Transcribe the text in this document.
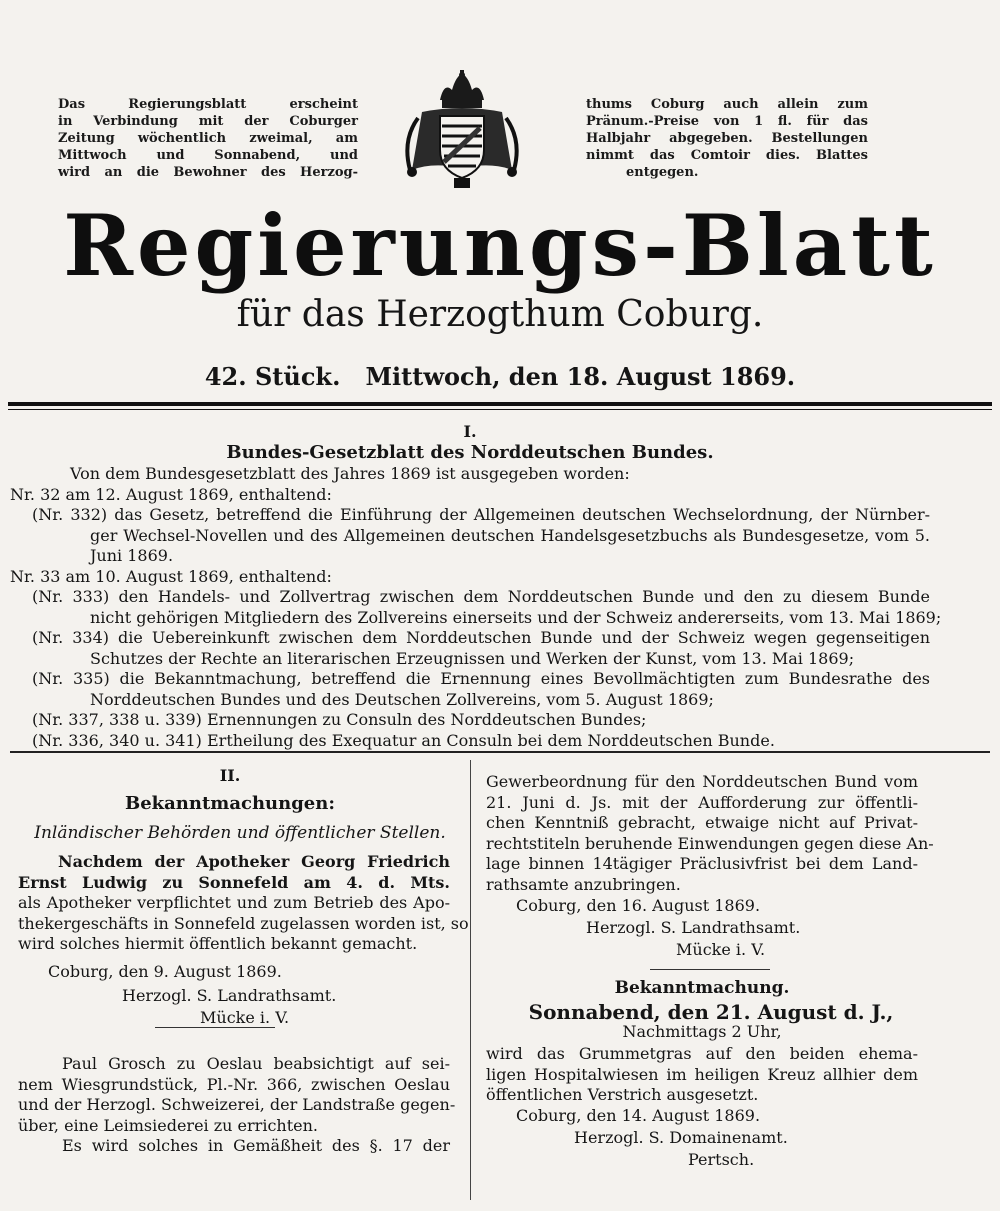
Das Regierungsblatt erscheint
in Verbindung mit der Coburger
Zeitung wöchentlich zweimal, am
Mittwoch und Sonnabend, und
wird an die Bewohner des Herzog-
thums Coburg auch allein zum
Pränum.-Preise von 1 fl. für das
Halbjahr abgegeben. Bestellungen
nimmt das Comtoir dies. Blattes
entgegen.
Regierungs-Blatt
für das Herzogthum Coburg.
42. Stück.   Mittwoch, den 18. August 1869.
I.
Bundes-Gesetzblatt des Norddeutschen Bundes.
Von dem Bundesgesetzblatt des Jahres 1869 ist ausgegeben worden:
Nr. 32 am 12. August 1869, enthaltend:
(Nr. 332) das Gesetz, betreffend die Einführung der Allgemeinen deutschen Wechselordnung, der Nürnber-
ger Wechsel-Novellen und des Allgemeinen deutschen Handelsgesetzbuchs als Bundesgesetze, vom 5.
Juni 1869.
Nr. 33 am 10. August 1869, enthaltend:
(Nr. 333) den Handels- und Zollvertrag zwischen dem Norddeutschen Bunde und den zu diesem Bunde
nicht gehörigen Mitgliedern des Zollvereins einerseits und der Schweiz andererseits, vom 13. Mai 1869;
(Nr. 334) die Uebereinkunft zwischen dem Norddeutschen Bunde und der Schweiz wegen gegenseitigen
Schutzes der Rechte an literarischen Erzeugnissen und Werken der Kunst, vom 13. Mai 1869;
(Nr. 335) die Bekanntmachung, betreffend die Ernennung eines Bevollmächtigten zum Bundesrathe des
Norddeutschen Bundes und des Deutschen Zollvereins, vom 5. August 1869;
(Nr. 337, 338 u. 339) Ernennungen zu Consuln des Norddeutschen Bundes;
(Nr. 336, 340 u. 341) Ertheilung des Exequatur an Consuln bei dem Norddeutschen Bunde.
II.
Bekanntmachungen:
Inländischer Behörden und öffentlicher Stellen.
Nachdem der Apotheker Georg Friedrich
Ernst Ludwig zu Sonnefeld am 4. d. Mts.
als Apotheker verpflichtet und zum Betrieb des Apo-
thekergeschäfts in Sonnefeld zugelassen worden ist, so
wird solches hiermit öffentlich bekannt gemacht.
Coburg, den 9. August 1869.
Herzogl. S. Landrathsamt.
Mücke i. V.
Paul Grosch zu Oeslau beabsichtigt auf sei-
nem Wiesgrundstück, Pl.-Nr. 366, zwischen Oeslau
und der Herzogl. Schweizerei, der Landstraße gegen-
über, eine Leimsiederei zu errichten.
Es wird solches in Gemäßheit des §. 17 der
Gewerbeordnung für den Norddeutschen Bund vom
21. Juni d. Js. mit der Aufforderung zur öffentli-
chen Kenntniß gebracht, etwaige nicht auf Privat-
rechtstiteln beruhende Einwendungen gegen diese An-
lage binnen 14tägiger Präclusivfrist bei dem Land-
rathsamte anzubringen.
Coburg, den 16. August 1869.
Herzogl. S. Landrathsamt.
Mücke i. V.
Bekanntmachung.
Sonnabend, den 21. August d. J.,
Nachmittags 2 Uhr,
wird das Grummetgras auf den beiden ehema-
ligen Hospitalwiesen im heiligen Kreuz allhier dem
öffentlichen Verstrich ausgesetzt.
Coburg, den 14. August 1869.
Herzogl. S. Domainenamt.
Pertsch.
